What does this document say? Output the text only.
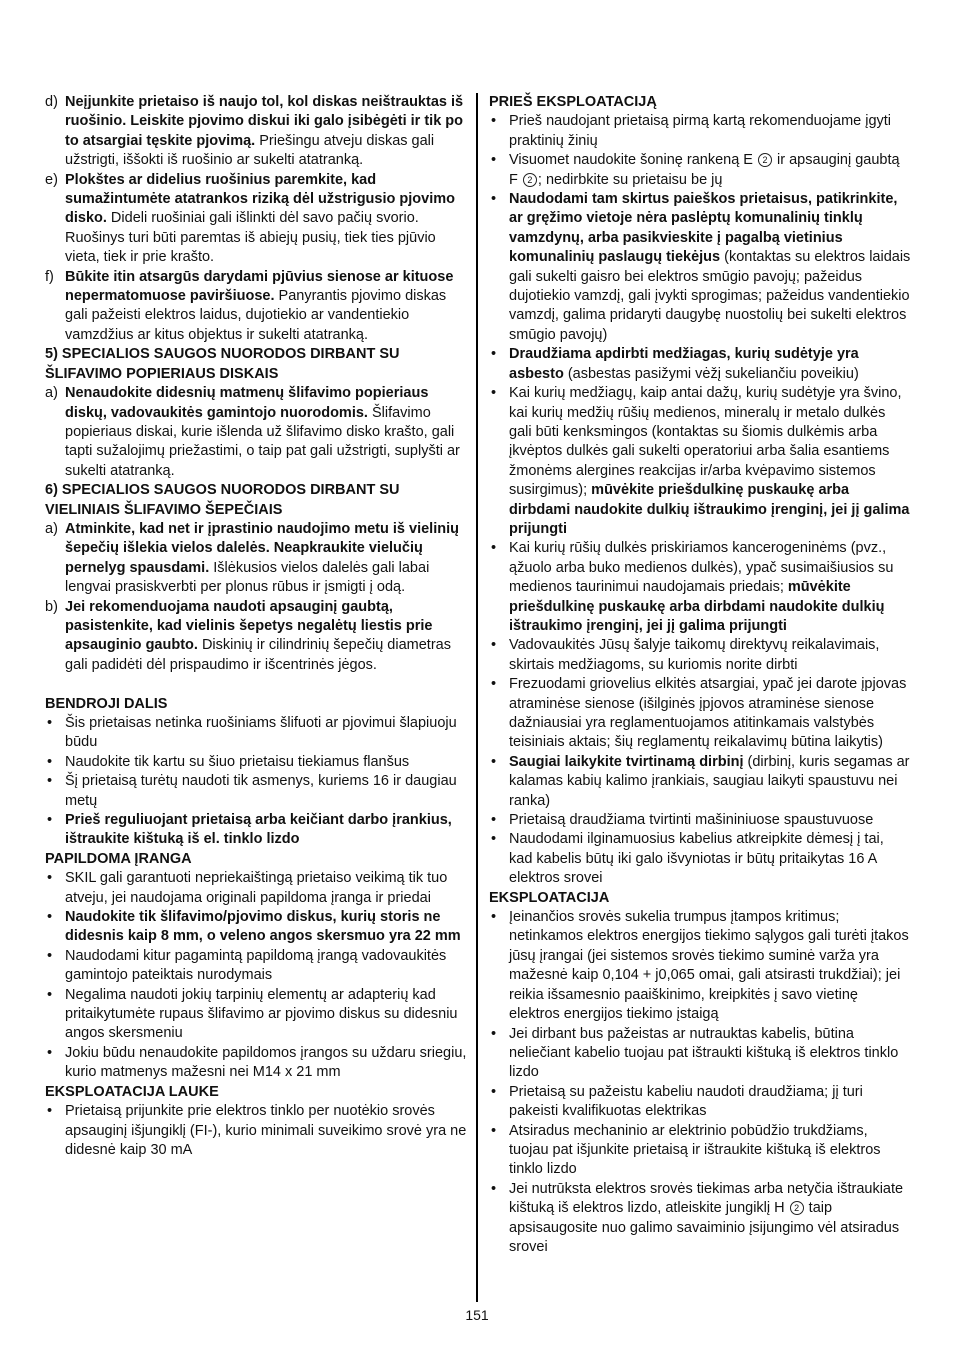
d) Neįjunkite prietaiso iš naujo tol, kol diskas neištrauktas iš ruošinio. Leiskite pjovimo diskui iki galo įsibėgėti ir tik po to atsargiai tęskite pjovimą. Priešingu atveju diskas gali užstrigti, iššokti iš ruošinio ar sukelti atatranką.
e) Plokštes ar didelius ruošinius paremkite, kad sumažintumėte atatrankos riziką dėl užstrigusio pjovimo disko. Dideli ruošiniai gali išlinkti dėl savo pačių svorio. Ruošinys turi būti paremtas iš abiejų pusių, tiek ties pjūvio vieta, tiek ir prie krašto.
f) Būkite itin atsargūs darydami pjūvius sienose ar kituose nepermatomuose paviršiuose. Panyrantis pjovimo diskas gali pažeisti elektros laidus, dujotiekio ar vandentiekio vamzdžius ar kitus objektus ir sukelti atatranką.
5) SPECIALIOS SAUGOS NUORODOS DIRBANT SU ŠLIFAVIMO POPIERIAUS DISKAIS
a) Nenaudokite didesnių matmenų šlifavimo popieriaus diskų, vadovaukitės gamintojo nuorodomis. Šlifavimo popieriaus diskai, kurie išlenda už šlifavimo disko krašto, gali tapti sužalojimų priežastimi, o taip pat gali užstrigti, suplyšti ar sukelti atatranką.
6) SPECIALIOS SAUGOS NUORODOS DIRBANT SU VIELINIAIS ŠLIFAVIMO ŠEPEČIAIS
a) Atminkite, kad net ir įprastinio naudojimo metu iš vielinių šepečių išlekia vielos dalelės. Neapkraukite vielučių pernelyg spausdami. Išlėkusios vielos dalelės gali labai lengvai prasiskverbti per plonus rūbus ir įsmigti į odą.
b) Jei rekomenduojama naudoti apsauginį gaubtą, pasistenkite, kad vielinis šepetys negalėtų liestis prie apsauginio gaubto. Diskinių ir cilindrinių šepečių diametras gali padidėti dėl prispaudimo ir išcentrinės jėgos.
BENDROJI DALIS
• Šis prietaisas netinka ruošiniams šlifuoti ar pjovimui šlapiuoju būdu
• Naudokite tik kartu su šiuo prietaisu tiekiamus flanšus
• Šį prietaisą turėtų naudoti tik asmenys, kuriems 16 ir daugiau metų
• Prieš reguliuojant prietaisą arba keičiant darbo įrankius, ištraukite kištuką iš el. tinklo lizdo
PAPILDOMA ĮRANGA
• SKIL gali garantuoti nepriekaištingą prietaiso veikimą tik tuo atveju, jei naudojama originali papildoma įranga ir priedai
• Naudokite tik šlifavimo/pjovimo diskus, kurių storis ne didesnis kaip 8 mm, o veleno angos skersmuo yra 22 mm
• Naudodami kitur pagamintą papildomą įrangą vadovaukitės gamintojo pateiktais nurodymais
• Negalima naudoti jokių tarpinių elementų ar adapterių kad pritaikytumėte rupaus šlifavimo ar pjovimo diskus su didesniu angos skersmeniu
• Jokiu būdu nenaudokite papildomos įrangos su uždaru sriegiu, kurio matmenys mažesni nei M14 x 21 mm
EKSPLOATACIJA LAUKE
• Prietaisą prijunkite prie elektros tinklo per nuotėkio srovės apsauginį išjungiklį (FI-), kurio minimali suveikimo srovė yra ne didesnė kaip 30 mA
PRIEŠ EKSPLOATACIJĄ
• Prieš naudojant prietaisą pirmą kartą rekomenduojame įgyti praktinių žinių
• Visuomet naudokite šoninę rankeną E 2 ir apsauginį gaubtą F 2 ; nedirbkite su prietaisu be jų
• Naudodami tam skirtus paieškos prietaisus, patikrinkite, ar gręžimo vietoje nėra paslėptų komunalinių tinklų vamzdynų, arba pasikvieskite į pagalbą vietinius komunalinių paslaugų tiekėjus (kontaktas su elektros laidais gali sukelti gaisro bei elektros smūgio pavojų; pažeidus dujotiekio vamzdį, gali įvykti sprogimas; pažeidus vandentiekio vamzdį, galima pridaryti daugybę nuostolių bei sukelti elektros smūgio pavojų)
• Draudžiama apdirbti medžiagas, kurių sudėtyje yra asbesto (asbestas pasižymi vėžį sukeliančiu poveikiu)
• Kai kurių medžiagų, kaip antai dažų, kurių sudėtyje yra švino, kai kurių medžių rūšių medienos, mineralų ir metalo dulkės gali būti kenksmingos (kontaktas su šiomis dulkėmis arba įkvėptos dulkės gali sukelti operatoriui arba šalia esantiems žmonėms alergines reakcijas ir/arba kvėpavimo sistemos susirgimus); mūvėkite priešdulkinę puskaukę arba dirbdami naudokite dulkių ištraukimo įrenginį, jei jį galima prijungti
• Kai kurių rūšių dulkės priskiriamos kancerogeninėms (pvz., ąžuolo arba buko medienos dulkės), ypač susimaišiusios su medienos taurinimui naudojamais priedais; mūvėkite priešdulkinę puskaukę arba dirbdami naudokite dulkių ištraukimo įrenginį, jei jį galima prijungti
• Vadovaukitės Jūsų šalyje taikomų direktyvų reikalavimais, skirtais medžiagoms, su kuriomis norite dirbti
• Frezuodami griovelius elkitės atsargiai, ypač jei darote įpjovas atraminėse sienose (išilginės įpjovos atraminėse sienose dažniausiai yra reglamentuojamos atitinkamais valstybės teisiniais aktais; šių reglamentų reikalavimų būtina laikytis)
• Saugiai laikykite tvirtinamą dirbinį (dirbinį, kuris segamas ar kalamas kabių kalimo įrankiais, saugiau laikyti spaustuvu nei ranka)
• Prietaisą draudžiama tvirtinti mašininiuose spaustuvuose
• Naudodami ilginamuosius kabelius atkreipkite dėmesį į tai, kad kabelis būtų iki galo išvyniotas ir būtų pritaikytas 16 A elektros srovei
EKSPLOATACIJA
• Įeinančios srovės sukelia trumpus įtampos kritimus; netinkamos elektros energijos tiekimo sąlygos gali turėti įtakos jūsų įrangai (jei sistemos srovės tiekimo suminė varža yra mažesnė kaip 0,104 + j0,065 omai, gali atsirasti trukdžiai); jei reikia išsamesnio paaiškinimo, kreipkitės į savo vietinę elektros energijos tiekimo įstaigą
• Jei dirbant bus pažeistas ar nutrauktas kabelis, būtina neliečiant kabelio tuojau pat ištraukti kištuką iš elektros tinklo lizdo
• Prietaisą su pažeistu kabeliu naudoti draudžiama; jį turi pakeisti kvalifikuotas elektrikas
• Atsiradus mechaninio ar elektrinio pobūdžio trukdžiams, tuojau pat išjunkite prietaisą ir ištraukite kištuką iš elektros tinklo lizdo
• Jei nutrūksta elektros srovės tiekimas arba netyčia ištraukiate kištuką iš elektros lizdo, atleiskite jungiklį H 2 taip apsisaugosite nuo galimo savaiminio įsijungimo vėl atsiradus srovei
151
